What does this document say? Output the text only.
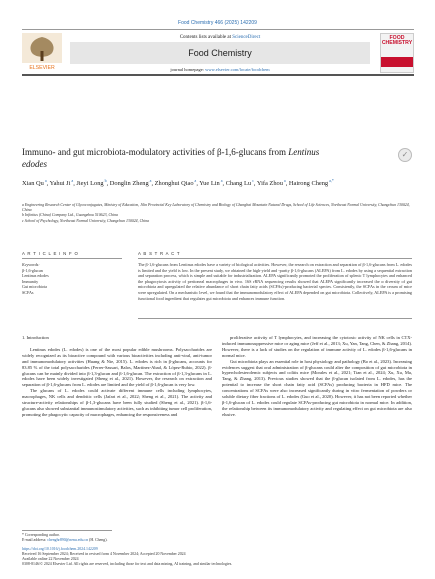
Food Chemistry 466 (2025) 142209
ELSEVIER
Contents lists available at ScienceDirect
Food Chemistry
journal homepage: www.elsevier.com/locate/foodchem
FOOD CHEMISTRY
Immuno- and gut microbiota-modulatory activities of β-1,6-glucans from Lentinus edodes
✓
Xian Qu $^a$, Yahui Ji $^a$, Jieyi Long $^b$, Donglin Zheng $^a$, Zhonghui Qiao $^a$, Yue Lin $^a$, Chang Lu $^c$, Yifa Zhou $^a$, Hairong Cheng $^{a,*}$
a Engineering Research Center of Glycoconjugates, Ministry of Education, Jilin Provincial Key Laboratory of Chemistry and Biology of Changbai Mountain Natural Drugs, School of Life Sciences, Northeast Normal University, Changchun 130024, China
b Infinitus (China) Company Ltd., Guangzhou 510623, China
c School of Psychology, Northeast Normal University, Changchun 130024, China
A R T I C L E I N F O	A B S T R A C T
Keywords:
β-1,6-glucan
Lentinus edodes
Immunity
Gut microbiota
SCFAs
The β-1,6-glucans from Lentinus edodes have a variety of biological activities. However, the research on extraction and separation of β-1,6-glucans from L. edodes is limited and the yield is low. In the present study, we obtained the high-yield and -purity β-1,6-glucans (ALEPA) from L. edodes by using a sequential extraction and separation process, which is simple and suitable for industrialization. ALEPA significantly promoted the proliferation of splenic T lymphocytes and enhanced the phagocytosis activity of peritoneal macrophages in vivo. 16S rRNA sequencing results showed that ALEPA significantly increased the α diversity of gut microbiota and upregulated the relative abundance of short chain fatty acids (SCFAs)-producing bacterial species. Consistently, the SCFAs in the cecum of mice were upregulated. On a mechanistic level, we found that the immunomodulatory effect of ALEPA depended on gut microbiota. Collectively, ALEPA is a promising functional food ingredient that regulates gut microbiota and enhances immune function.

1. Introduction

Lentinus edodes (L. edodes) is one of the most popular edible mushrooms. Polysaccharides are widely recognized as its bioactive compound with various bioactivities including anti-viral, anti-tumor and immunomodulatory activities (Huang & Nie, 2015). L. edodes is rich in β-glucans, accounts for 83.85 % of the total polysaccharides (Ferrer-Sassart, Balos, Martínez-Abad, & López-Rubio, 2022). β-glucans can be mainly divided into β-1,3-glucan and β-1,6-glucan. The extraction of β-1,3-glucans in L. edodes have been widely investigated (Sheng et al., 2021). However, the research on extraction and separation of β-1,6-glucans from L. edodes are limited and the yield of β-1,6-glucan is very low.

The glucans of L. edodes could activate different immune cells including lymphocytes, macrophages, NK cells and dendritic cells (Jafari et al., 2022; Sheng et al., 2021). The activity and structure-activity relationships of β-1,3-glucans have been fully studied (Sheng et al., 2021). β-1,6-glucans also showed substantial immunostimulatory activities, such as inhibiting tumor cell proliferation, promoting the phagocytic capacity of macrophages, enhancing the responsiveness and

proliferative activity of T lymphocytes, and increasing the cytotoxic activity of NK cells in CTX-induced immunosuppressive mice or aging mice (Jeff et al., 2013; Xu, Yan, Tang, Chen, & Zhang, 2014). However, there is a lack of studies on the regulation of immune activity of L. edodes β-1,6-glucans in normal mice.

Gut microbiota plays an essential role in host physiology and pathology (Bo et al., 2023). Increasing evidences suggest that oral administration of β-glucans could alter the composition of gut microbiota in hypercholesterolemic subjects and colitis mice (Morales et al., 2021; Tian et al., 2024; Xu, Xu, Ma, Tang, & Zhang, 2013). Previous studies showed that the β-glucan isolated from L. edodes, has the potential to increase the short chain fatty acid (SCFAs) producing bacteria in HFD mice. The concentrations of SCFAs were also increased significantly during in vitro fermentation of powders or soluble dietary fiber fractions of L. edodes (Guo et al., 2020). However, it has not been reported whether β-1,6-glucan of L. edodes could regulate SCFAs-producing gut microbiota in normal mice. In addition, the relationship between its immunomodulatory activity and regulating effect on gut microbiota are also elusive.

* Corresponding author.
E-mail address: chenghr890@nenu.edu.cn (H. Cheng).
https://doi.org/10.1016/j.foodchem.2024.142209
Received 16 September 2024; Received in revised form 4 November 2024; Accepted 20 November 2024
Available online 22 November 2024
0308-8146/© 2024 Elsevier Ltd. All rights are reserved, including those for text and data mining, AI training, and similar technologies.
